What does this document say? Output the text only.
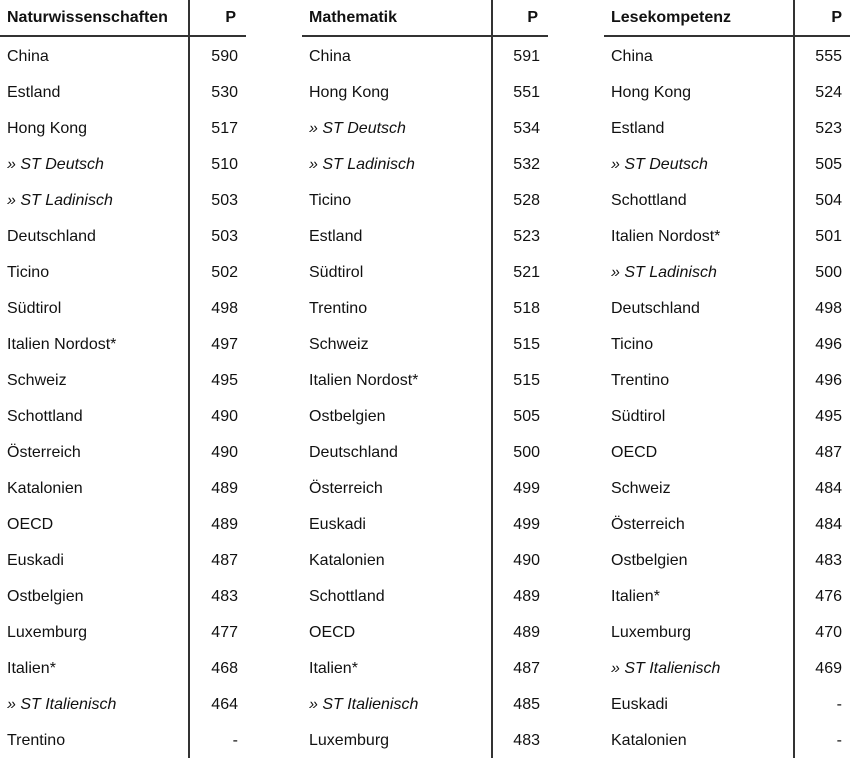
Naturwissenschaften	P
China	590
Estland	530
Hong Kong	517
» ST Deutsch	510
» ST Ladinisch	503
Deutschland	503
Ticino	502
Südtirol	498
Italien Nordost*	497
Schweiz	495
Schottland	490
Österreich	490
Katalonien	489
OECD	489
Euskadi	487
Ostbelgien	483
Luxemburg	477
Italien*	468
» ST Italienisch	464
Trentino	-
Mathematik	P
China	591
Hong Kong	551
» ST Deutsch	534
» ST Ladinisch	532
Ticino	528
Estland	523
Südtirol	521
Trentino	518
Schweiz	515
Italien Nordost*	515
Ostbelgien	505
Deutschland	500
Österreich	499
Euskadi	499
Katalonien	490
Schottland	489
OECD	489
Italien*	487
» ST Italienisch	485
Luxemburg	483
Lesekompetenz	P
China	555
Hong Kong	524
Estland	523
» ST Deutsch	505
Schottland	504
Italien Nordost*	501
» ST Ladinisch	500
Deutschland	498
Ticino	496
Trentino	496
Südtirol	495
OECD	487
Schweiz	484
Österreich	484
Ostbelgien	483
Italien*	476
Luxemburg	470
» ST Italienisch	469
Euskadi	-
Katalonien	-
